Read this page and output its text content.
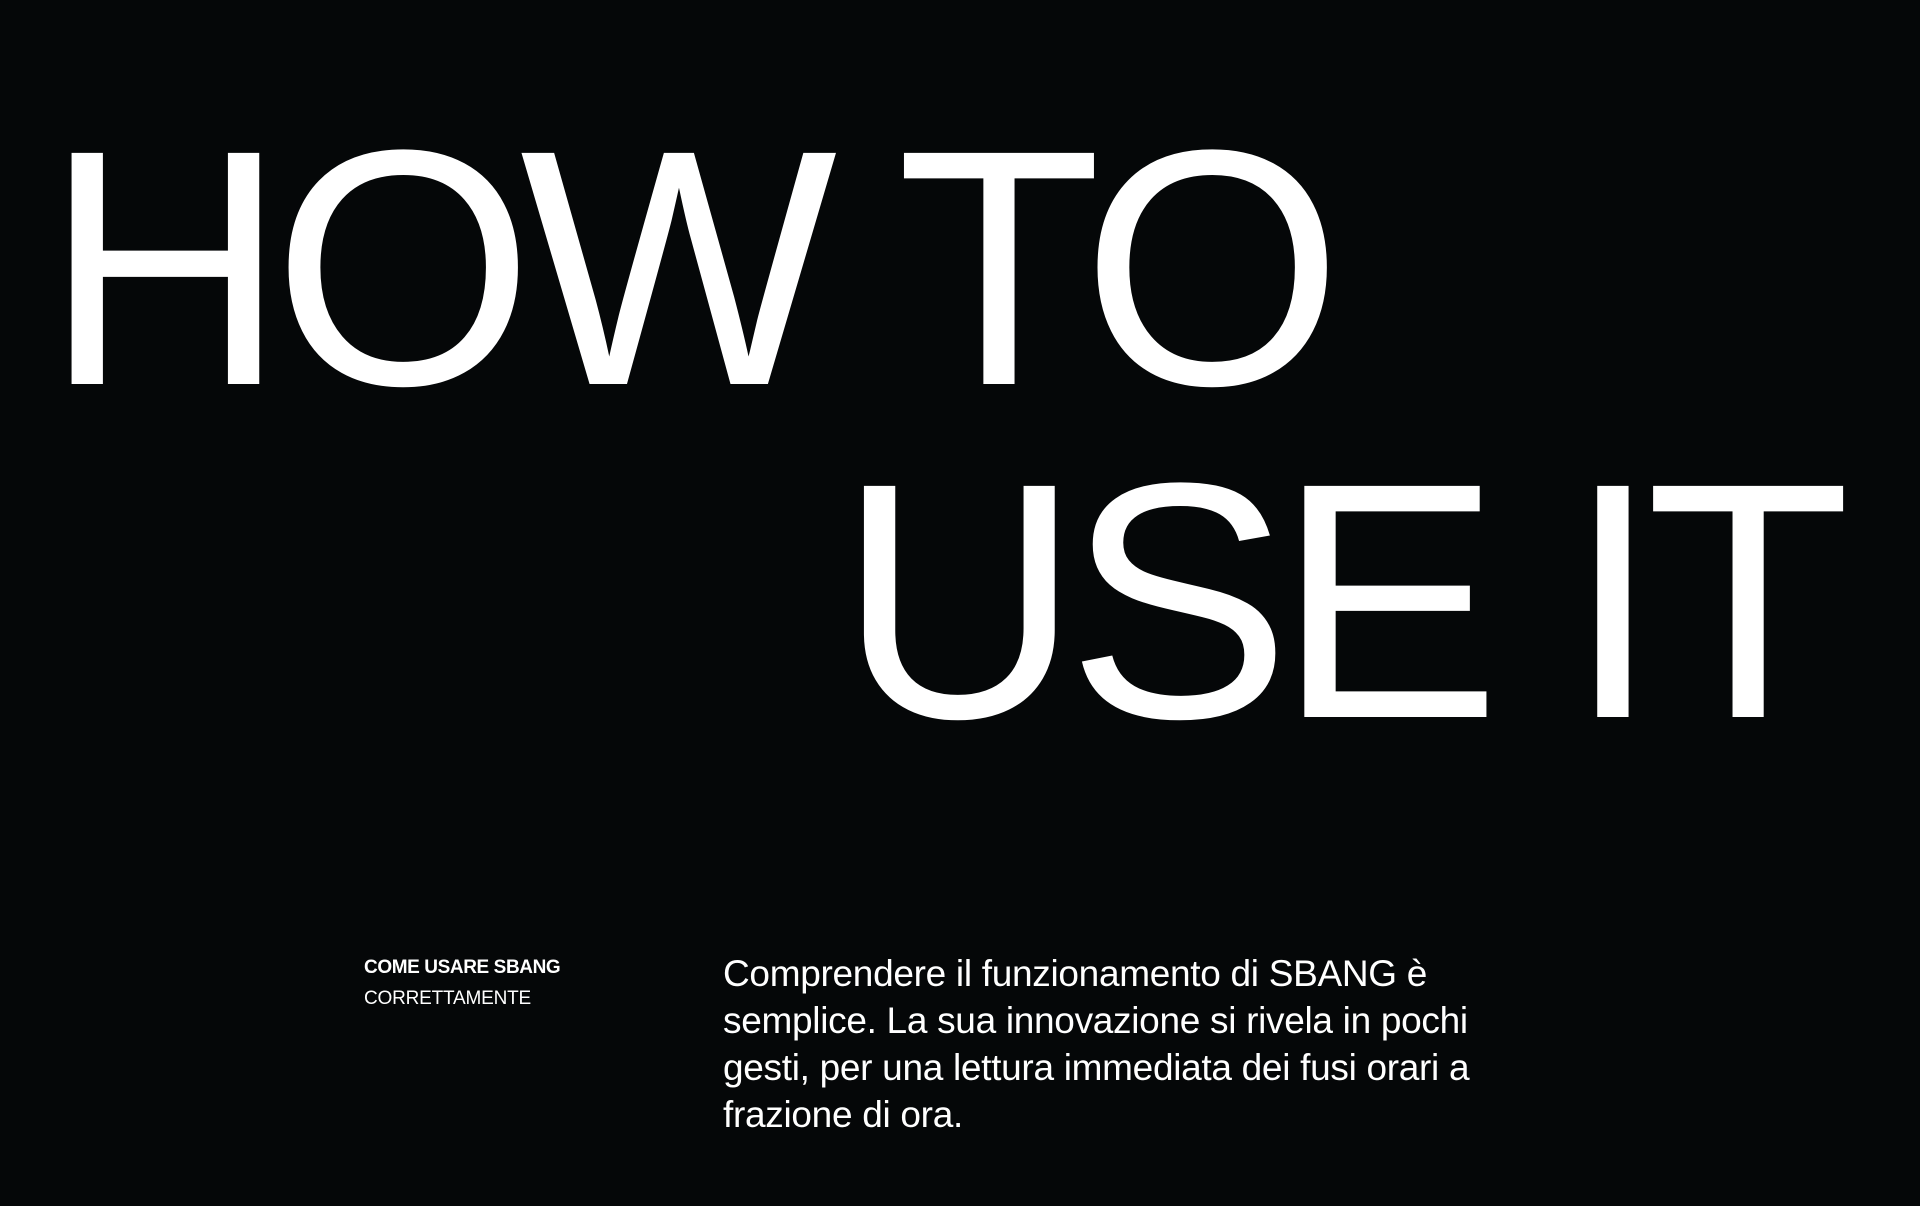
HOW TO
USE IT
COME USARE SBANG
CORRETTAMENTE

Comprendere il funzionamento di SBANG è
semplice. La sua innovazione si rivela in pochi
gesti, per una lettura immediata dei fusi orari a
frazione di ora.
